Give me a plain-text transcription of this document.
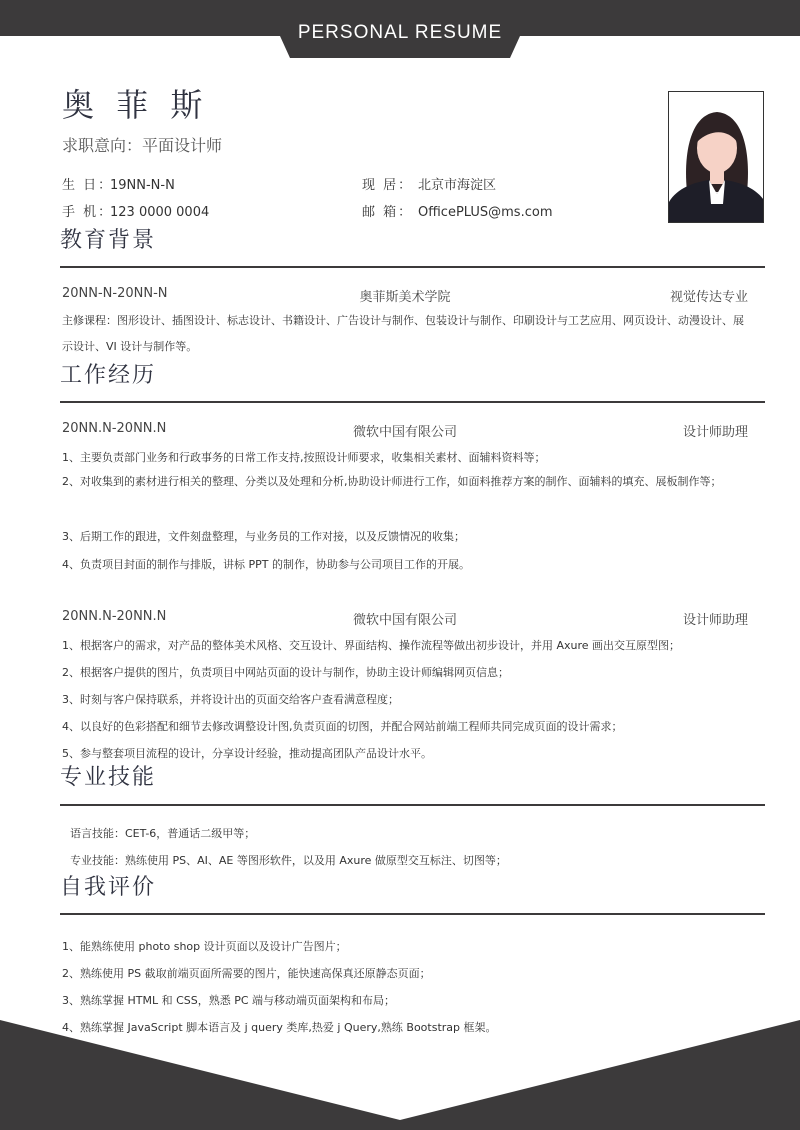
PERSONAL RESUME
奥 菲 斯
求职意向：平面设计师
生 日：19NN-N-N
手 机：123 0000 0004
现 居： 北京市海淀区
邮 箱： OfficePLUS@ms.com
教育背景
20NN-N-20NN-N	奥菲斯美术学院	视觉传达专业
主修课程：图形设计、插图设计、标志设计、书籍设计、广告设计与制作、包装设计与制作、印刷设计与工艺应用、网页设计、动漫设计、展示设计、VI 设计与制作等。
工作经历
20NN.N-20NN.N	微软中国有限公司	设计师助理
1、主要负责部门业务和行政事务的日常工作支持,按照设计师要求，收集相关素材、面辅料资料等；
2、对收集到的素材进行相关的整理、分类以及处理和分析,协助设计师进行工作，如面料推荐方案的制作、面辅料的填充、展板制作等；
3、后期工作的跟进，文件刻盘整理，与业务员的工作对接，以及反馈情况的收集；
4、负责项目封面的制作与排版，讲标 PPT 的制作，协助参与公司项目工作的开展。
20NN.N-20NN.N	微软中国有限公司	设计师助理
1、根据客户的需求，对产品的整体美术风格、交互设计、界面结构、操作流程等做出初步设计，并用 Axure 画出交互原型图；
2、根据客户提供的图片，负责项目中网站页面的设计与制作，协助主设计师编辑网页信息；
3、时刻与客户保持联系，并将设计出的页面交给客户查看满意程度；
4、以良好的色彩搭配和细节去修改调整设计图,负责页面的切图，并配合网站前端工程师共同完成页面的设计需求；
5、参与整套项目流程的设计，分享设计经验，推动提高团队产品设计水平。
专业技能
语言技能：CET-6，普通话二级甲等；
专业技能：熟练使用 PS、AI、AE 等图形软件，以及用 Axure 做原型交互标注、切图等；
自我评价
1、能熟练使用 photo shop 设计页面以及设计广告图片；
2、熟练使用 PS 截取前端页面所需要的图片，能快速高保真还原静态页面；
3、熟练掌握 HTML 和 CSS，熟悉 PC 端与移动端页面架构和布局；
4、熟练掌握 JavaScript 脚本语言及 j query 类库,热爱 j Query,熟练 Bootstrap 框架。
